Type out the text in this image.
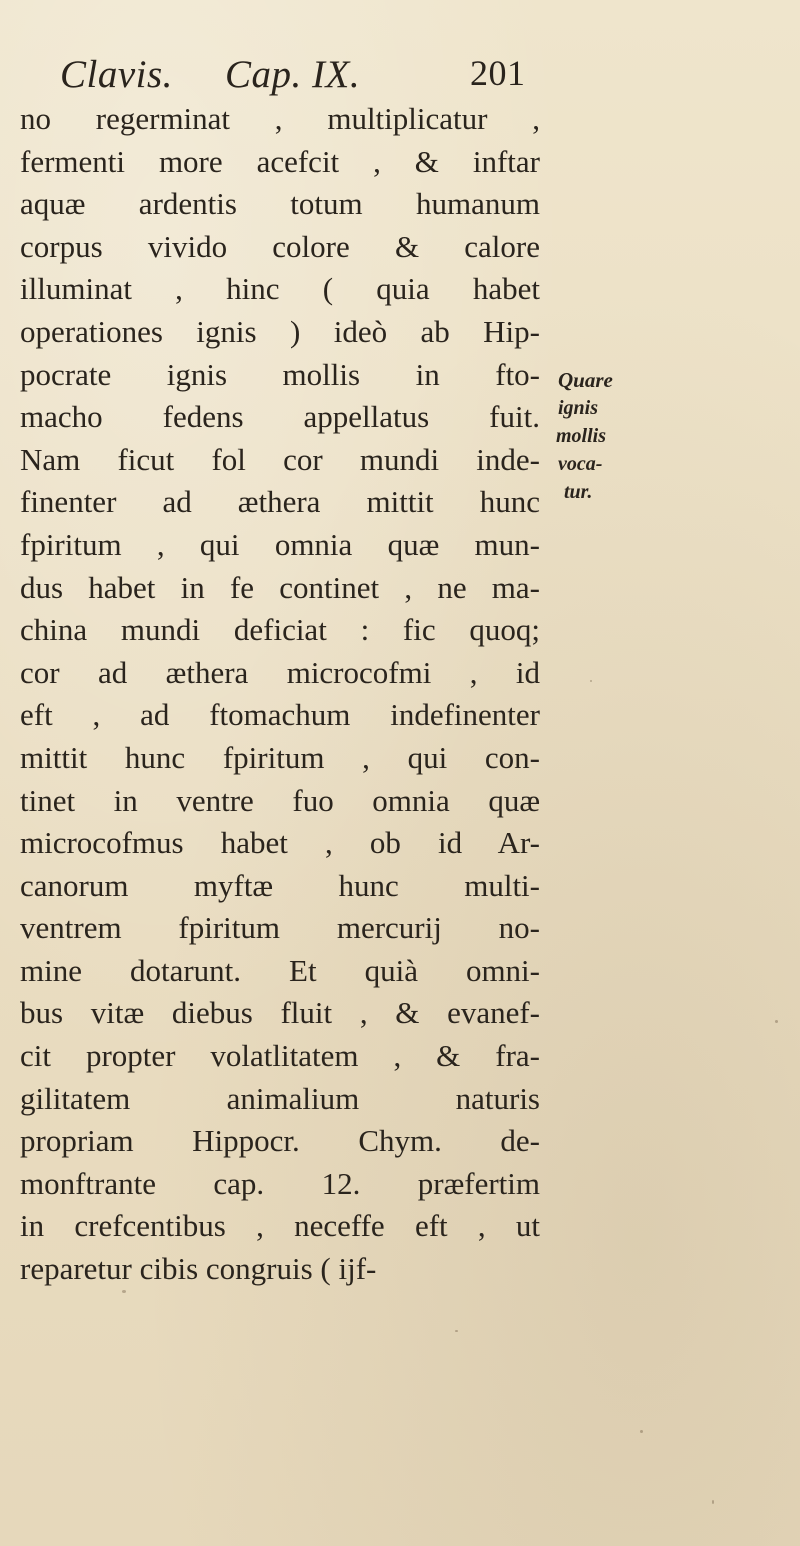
Clavis. Cap. IX.	201
no regerminat , multiplicatur ,
fermenti more acefcit , & inftar
aquæ ardentis totum humanum
corpus vivido colore & calore
illuminat , hinc ( quia habet
operationes ignis ) ideò ab Hip-
pocrate ignis mollis in fto-
macho fedens appellatus fuit.
Nam ficut fol cor mundi inde-
finenter ad æthera mittit hunc
fpiritum , qui omnia quæ mun-
dus habet in fe continet , ne ma-
china mundi deficiat : fic quoq;
cor ad æthera microcofmi , id
eft , ad ftomachum indefinenter
mittit hunc fpiritum , qui con-
tinet in ventre fuo omnia quæ
microcofmus habet , ob id Ar-
canorum myftæ hunc multi-
ventrem fpiritum mercurij no-
mine dotarunt. Et quià omni-
bus vitæ diebus fluit , & evanef-
cit propter volatlitatem , & fra-
gilitatem animalium naturis
propriam Hippocr. Chym. de-
monftrante cap. 12. præfertim
in crefcentibus , neceffe eft , ut
reparetur cibis congruis ( ijf-
Quare
ignis
mollis
voca-
tur.
